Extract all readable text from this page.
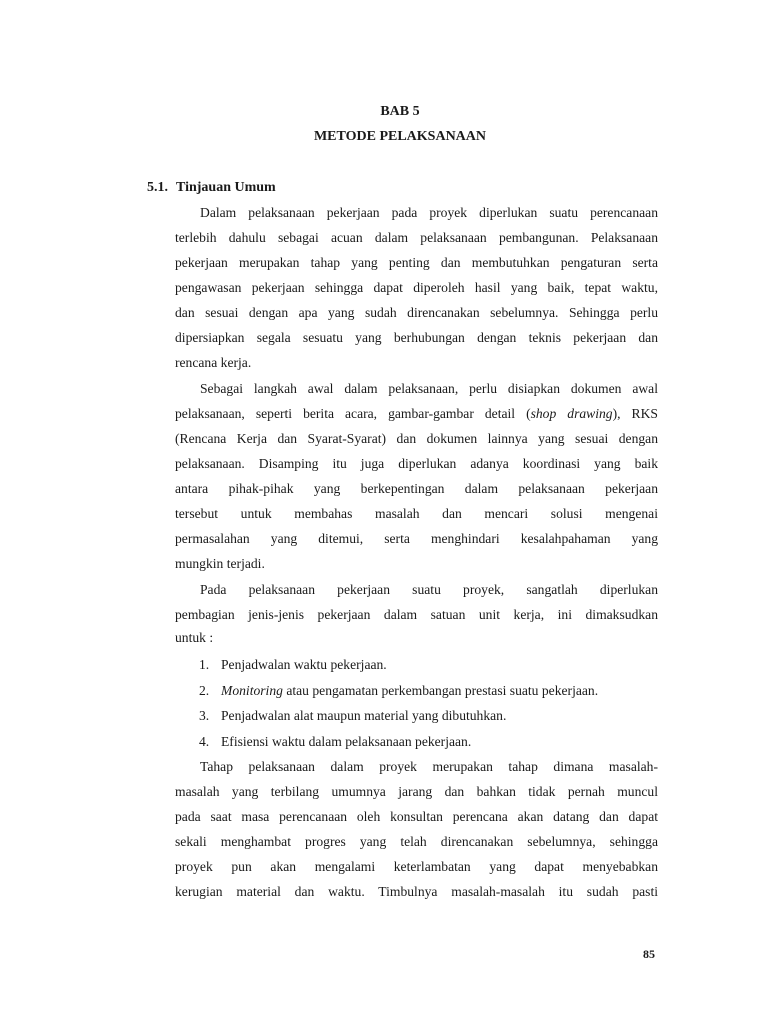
BAB 5
METODE PELAKSANAAN
5.1. Tinjauan Umum
Dalam pelaksanaan pekerjaan pada proyek diperlukan suatu perencanaan
terlebih dahulu sebagai acuan dalam pelaksanaan pembangunan. Pelaksanaan
pekerjaan merupakan tahap yang penting dan membutuhkan pengaturan serta
pengawasan pekerjaan sehingga dapat diperoleh hasil yang baik, tepat waktu,
dan sesuai dengan apa yang sudah direncanakan sebelumnya. Sehingga perlu
dipersiapkan segala sesuatu yang berhubungan dengan teknis pekerjaan dan
rencana kerja.
Sebagai langkah awal dalam pelaksanaan, perlu disiapkan dokumen awal
pelaksanaan, seperti berita acara, gambar-gambar detail (shop drawing), RKS
(Rencana Kerja dan Syarat-Syarat) dan dokumen lainnya yang sesuai dengan
pelaksanaan. Disamping itu juga diperlukan adanya koordinasi yang baik
antara pihak-pihak yang berkepentingan dalam pelaksanaan pekerjaan
tersebut untuk membahas masalah dan mencari solusi mengenai
permasalahan yang ditemui, serta menghindari kesalahpahaman yang
mungkin terjadi.
Pada pelaksanaan pekerjaan suatu proyek, sangatlah diperlukan
pembagian jenis-jenis pekerjaan dalam satuan unit kerja, ini dimaksudkan
untuk :
1. Penjadwalan waktu pekerjaan.
2. Monitoring atau pengamatan perkembangan prestasi suatu pekerjaan.
3. Penjadwalan alat maupun material yang dibutuhkan.
4. Efisiensi waktu dalam pelaksanaan pekerjaan.
Tahap pelaksanaan dalam proyek merupakan tahap dimana masalah-
masalah yang terbilang umumnya jarang dan bahkan tidak pernah muncul
pada saat masa perencanaan oleh konsultan perencana akan datang dan dapat
sekali menghambat progres yang telah direncanakan sebelumnya, sehingga
proyek pun akan mengalami keterlambatan yang dapat menyebabkan
kerugian material dan waktu. Timbulnya masalah-masalah itu sudah pasti
85
